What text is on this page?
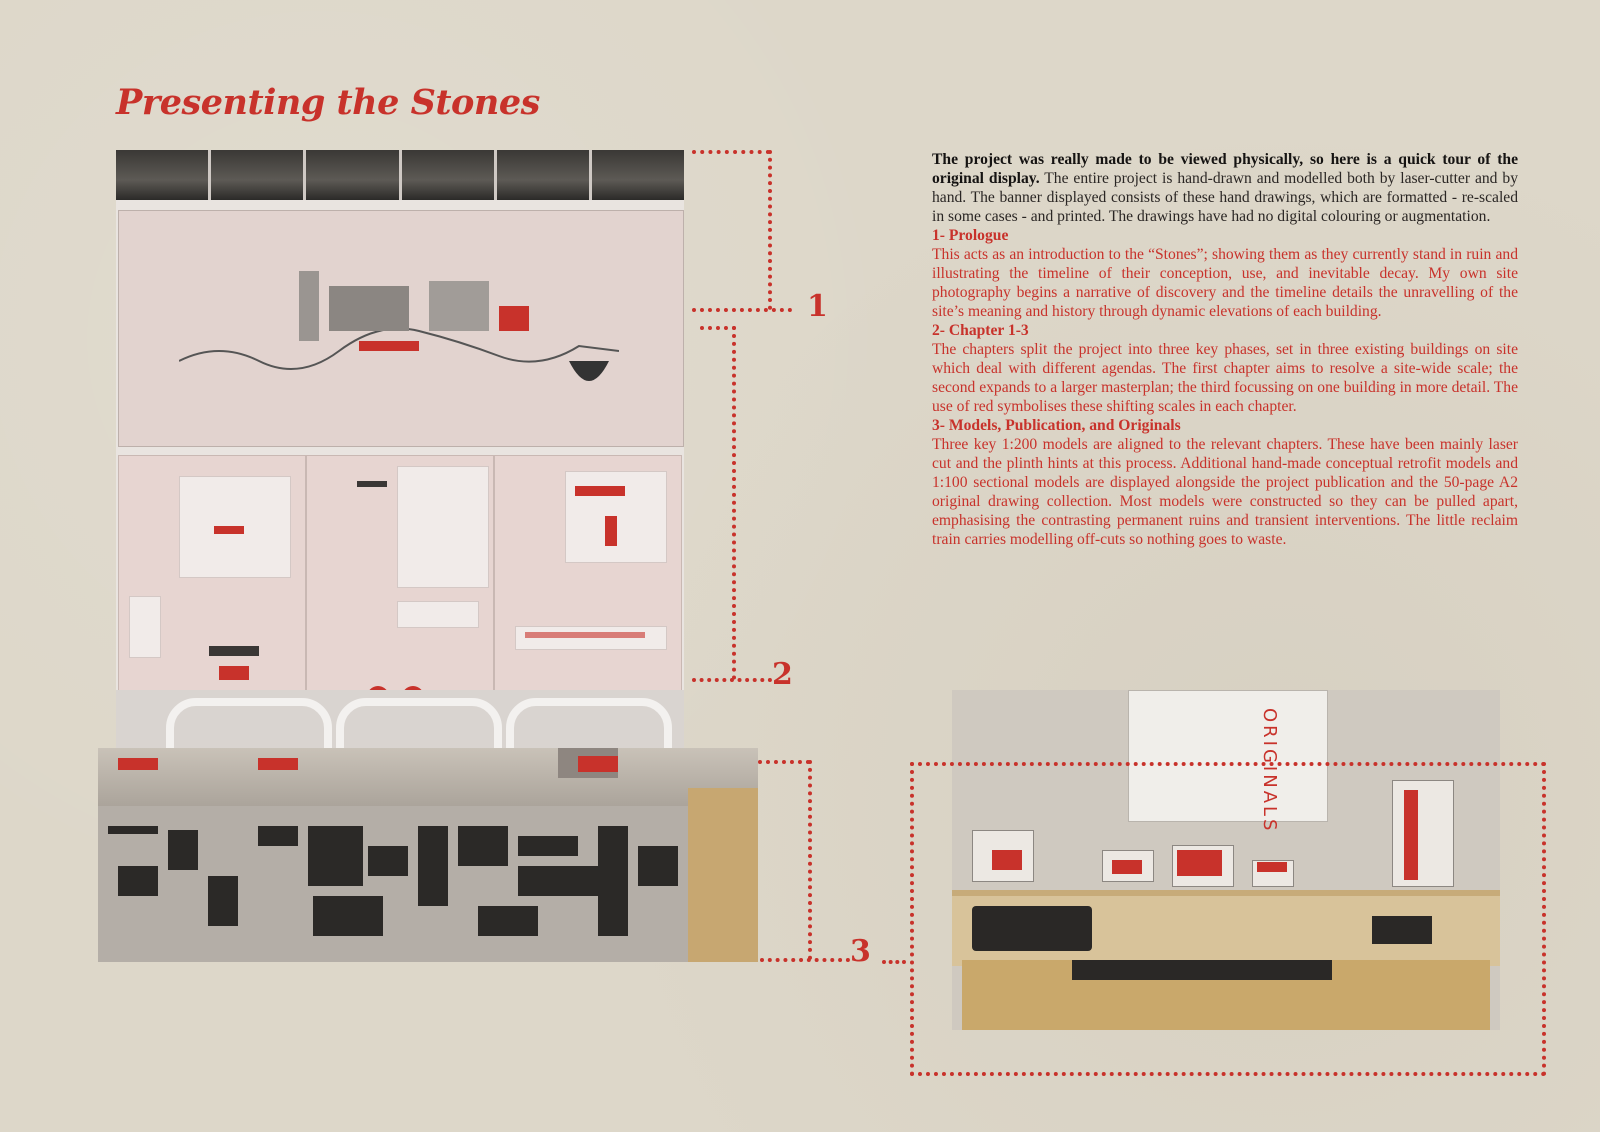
Presenting the Stones
ORIGINALS
1
2
3

The project was really made to be viewed physically, so here is a quick tour of the original display. The entire project is hand-drawn and modelled both by laser-cutter and by hand. The banner displayed consists of these hand drawings, which are formatted - re-scaled in some cases - and printed. The drawings have had no digital colouring or augmentation.

1- Prologue
This acts as an introduction to the “Stones”; showing them as they currently stand in ruin and illustrating the timeline of their conception, use, and inevitable decay. My own site photography begins a narrative of discovery and the timeline details the unravelling of the site’s meaning and history through dynamic elevations of each building.

2- Chapter 1-3
The chapters split the project into three key phases, set in three existing buildings on site which deal with different agendas. The first chapter aims to resolve a site-wide scale; the second expands to a larger masterplan; the third focussing on one building in more detail. The use of red symbolises these shifting scales in each chapter.

3- Models, Publication, and Originals
Three key 1:200 models are aligned to the relevant chapters. These have been mainly laser cut and the plinth hints at this process. Additional hand-made conceptual retrofit models and 1:100 sectional models are displayed alongside the project publication and the 50-page A2 original drawing collection. Most models were constructed so they can be pulled apart, emphasising the contrasting permanent ruins and transient interventions. The little reclaim train carries modelling off-cuts so nothing goes to waste.
